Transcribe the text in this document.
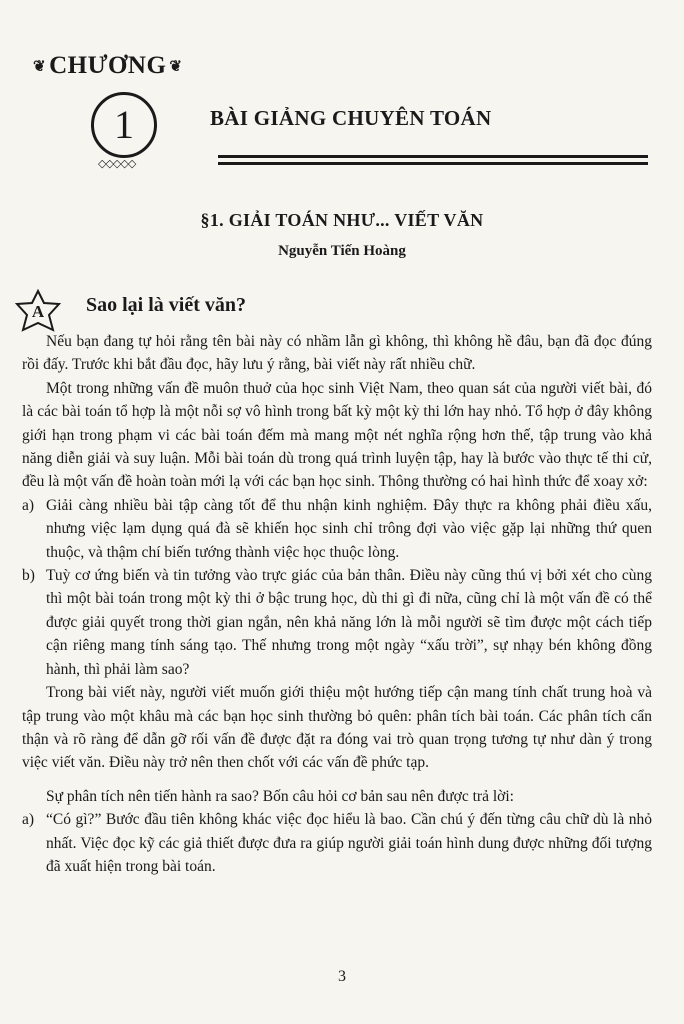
❦ CHƯƠNG ❦
1
◇◇◇◇◇
BÀI GIẢNG CHUYÊN TOÁN
§1. GIẢI TOÁN NHƯ... VIẾT VĂN
Nguyễn Tiến Hoàng
A	Sao lại là viết văn?

Nếu bạn đang tự hỏi rằng tên bài này có nhầm lẫn gì không, thì không hề đâu, bạn đã đọc đúng rồi đấy. Trước khi bắt đầu đọc, hãy lưu ý rằng, bài viết này rất nhiều chữ.

Một trong những vấn đề muôn thuở của học sinh Việt Nam, theo quan sát của người viết bài, đó là các bài toán tổ hợp là một nỗi sợ vô hình trong bất kỳ một kỳ thi lớn hay nhỏ. Tổ hợp ở đây không giới hạn trong phạm vi các bài toán đếm mà mang một nét nghĩa rộng hơn thế, tập trung vào khả năng diễn giải và suy luận. Mỗi bài toán dù trong quá trình luyện tập, hay là bước vào thực tế thi cử, đều là một vấn đề hoàn toàn mới lạ với các bạn học sinh. Thông thường có hai hình thức để xoay xở:

a) Giải càng nhiều bài tập càng tốt để thu nhận kinh nghiệm. Đây thực ra không phải điều xấu, nhưng việc lạm dụng quá đà sẽ khiến học sinh chỉ trông đợi vào việc gặp lại những thứ quen thuộc, và thậm chí biến tướng thành việc học thuộc lòng.
b) Tuỳ cơ ứng biến và tin tưởng vào trực giác của bản thân. Điều này cũng thú vị bởi xét cho cùng thì một bài toán trong một kỳ thi ở bậc trung học, dù thi gì đi nữa, cũng chỉ là một vấn đề có thể được giải quyết trong thời gian ngắn, nên khả năng lớn là mỗi người sẽ tìm được một cách tiếp cận riêng mang tính sáng tạo. Thế nhưng trong một ngày “xấu trời”, sự nhạy bén không đồng hành, thì phải làm sao?

Trong bài viết này, người viết muốn giới thiệu một hướng tiếp cận mang tính chất trung hoà và tập trung vào một khâu mà các bạn học sinh thường bỏ quên: phân tích bài toán. Các phân tích cẩn thận và rõ ràng để dẫn gỡ rối vấn đề được đặt ra đóng vai trò quan trọng tương tự như dàn ý trong việc viết văn. Điều này trở nên then chốt với các vấn đề phức tạp.

Sự phân tích nên tiến hành ra sao? Bốn câu hỏi cơ bản sau nên được trả lời:

a) “Có gì?” Bước đầu tiên không khác việc đọc hiểu là bao. Cần chú ý đến từng câu chữ dù là nhỏ nhất. Việc đọc kỹ các giả thiết được đưa ra giúp người giải toán hình dung được những đối tượng đã xuất hiện trong bài toán.
3
